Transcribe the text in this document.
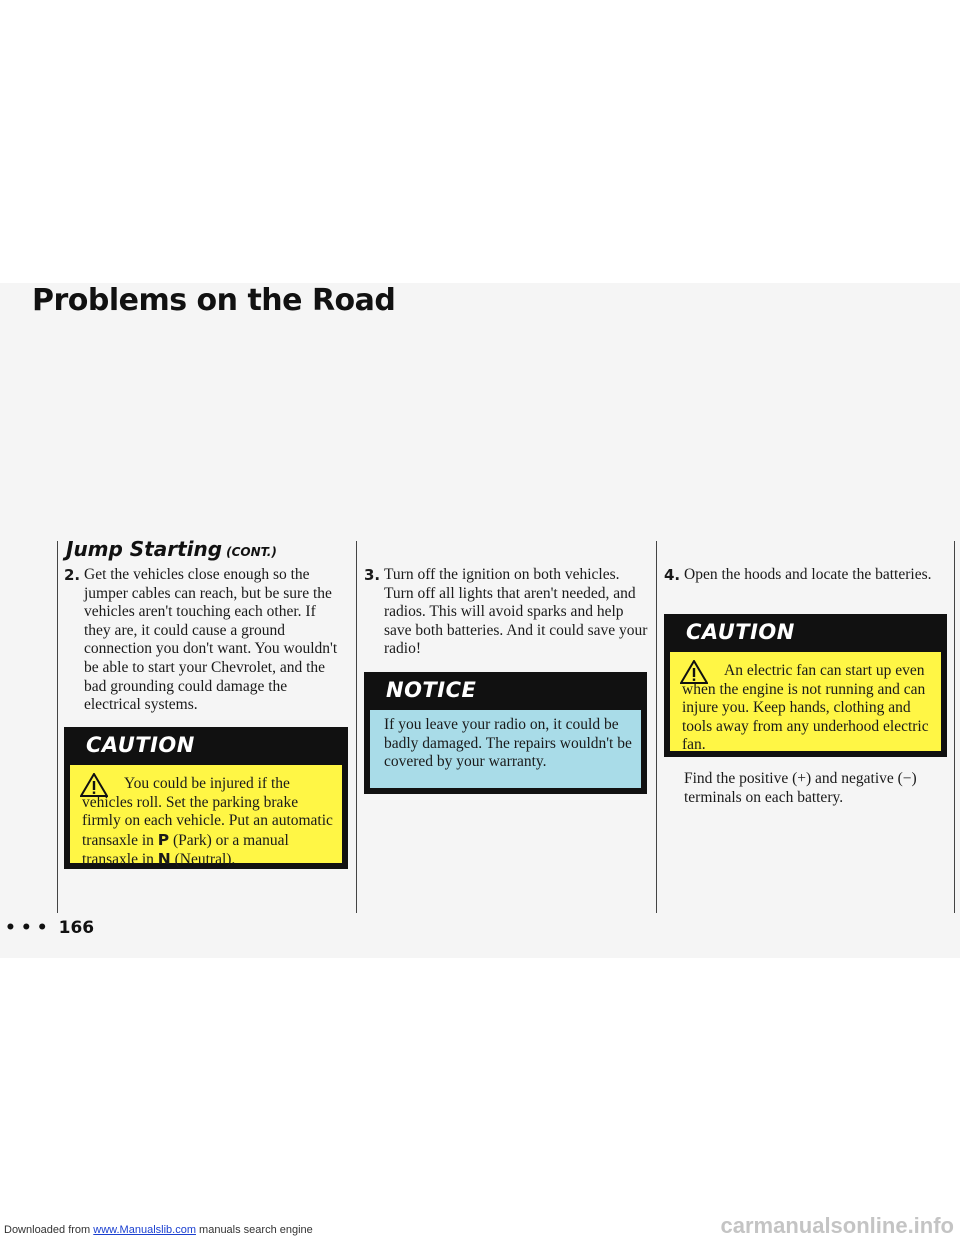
Problems on the Road
Jump Starting (CONT.)
2. Get the vehicles close enough so the jumper cables can reach, but be sure the vehicles aren't touching each other. If they are, it could cause a ground connection you don't want. You wouldn't be able to start your Chevrolet, and the bad grounding could damage the electrical systems.
CAUTION
You could be injured if the vehicles roll. Set the parking brake firmly on each vehicle. Put an automatic transaxle in P (Park) or a manual transaxle in N (Neutral).
3. Turn off the ignition on both vehicles. Turn off all lights that aren't needed, and radios. This will avoid sparks and help save both batteries. And it could save your radio!
NOTICE
If you leave your radio on, it could be badly damaged. The repairs wouldn't be covered by your warranty.
4. Open the hoods and locate the batteries.
CAUTION
An electric fan can start up even when the engine is not running and can injure you. Keep hands, clothing and tools away from any underhood electric fan.
Find the positive (+) and negative (−) terminals on each battery.
••• 166
Downloaded from www.Manualslib.com manuals search engine	carmanualsonline.info
